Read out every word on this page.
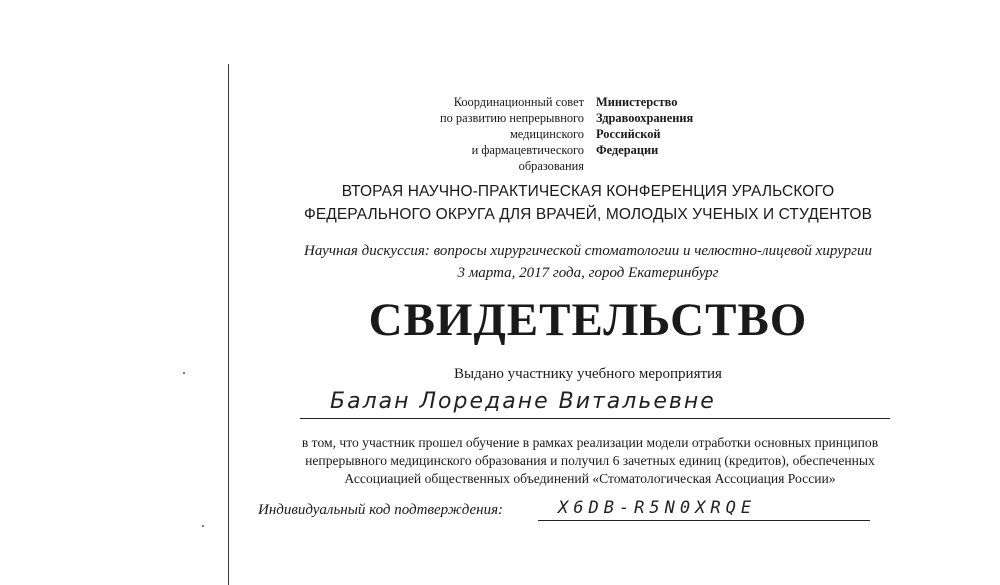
Координационный совет
по развитию непрерывного
медицинского
и фармацевтического
образования
Министерство
Здравоохранения
Российской
Федерации
ВТОРАЯ НАУЧНО-ПРАКТИЧЕСКАЯ КОНФЕРЕНЦИЯ УРАЛЬСКОГО
ФЕДЕРАЛЬНОГО ОКРУГА ДЛЯ ВРАЧЕЙ, МОЛОДЫХ УЧЕНЫХ И СТУДЕНТОВ
Научная дискуссия: вопросы хирургической стоматологии и челюстно-лицевой хирургии
3 марта, 2017 года, город Екатеринбург
СВИДЕТЕЛЬСТВО
Выдано участнику учебного мероприятия
Балан Лоредане Витальевне
в том, что участник прошел обучение в рамках реализации модели отработки основных принципов
непрерывного медицинского образования и получил 6 зачетных единиц (кредитов), обеспеченных
Ассоциацией общественных объединений «Стоматологическая Ассоциация России»
Индивидуальный код подтверждения:	X6DB-R5N0XRQE
